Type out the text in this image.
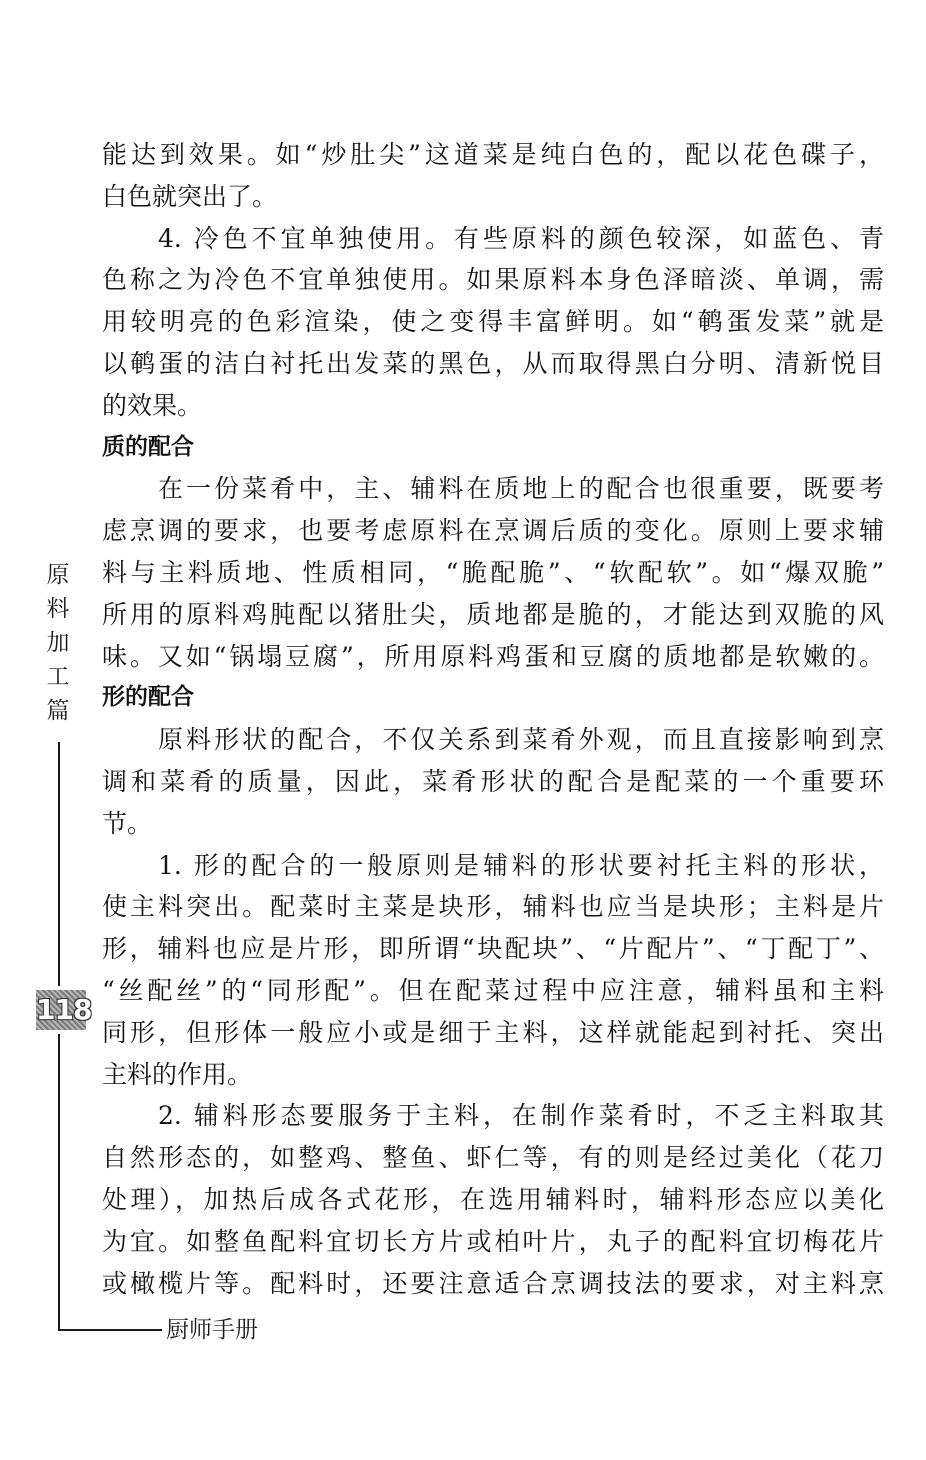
能达到效果。如“炒肚尖”这道菜是纯白色的，配以花色碟子，
白色就突出了。
4. 冷色不宜单独使用。有些原料的颜色较深，如蓝色、青
色称之为冷色不宜单独使用。如果原料本身色泽暗淡、单调，需
用较明亮的色彩渲染，使之变得丰富鲜明。如“鹌蛋发菜”就是
以鹌蛋的洁白衬托出发菜的黑色，从而取得黑白分明、清新悦目
的效果。
质的配合
在一份菜肴中，主、辅料在质地上的配合也很重要，既要考
虑烹调的要求，也要考虑原料在烹调后质的变化。原则上要求辅
料与主料质地、性质相同，“脆配脆”、“软配软”。如“爆双脆”
所用的原料鸡肫配以猪肚尖，质地都是脆的，才能达到双脆的风
味。又如“锅塌豆腐”，所用原料鸡蛋和豆腐的质地都是软嫩的。
形的配合
原料形状的配合，不仅关系到菜肴外观，而且直接影响到烹
调和菜肴的质量，因此，菜肴形状的配合是配菜的一个重要环
节。
1. 形的配合的一般原则是辅料的形状要衬托主料的形状，
使主料突出。配菜时主菜是块形，辅料也应当是块形；主料是片
形，辅料也应是片形，即所谓“块配块”、“片配片”、“丁配丁”、
“丝配丝”的“同形配”。但在配菜过程中应注意，辅料虽和主料
同形，但形体一般应小或是细于主料，这样就能起到衬托、突出
主料的作用。
2. 辅料形态要服务于主料，在制作菜肴时，不乏主料取其
自然形态的，如整鸡、整鱼、虾仁等，有的则是经过美化（花刀
处理），加热后成各式花形，在选用辅料时，辅料形态应以美化
为宜。如整鱼配料宜切长方片或柏叶片，丸子的配料宜切梅花片
或橄榄片等。配料时，还要注意适合烹调技法的要求，对主料烹
原
料
加
工
篇
118
厨师手册
